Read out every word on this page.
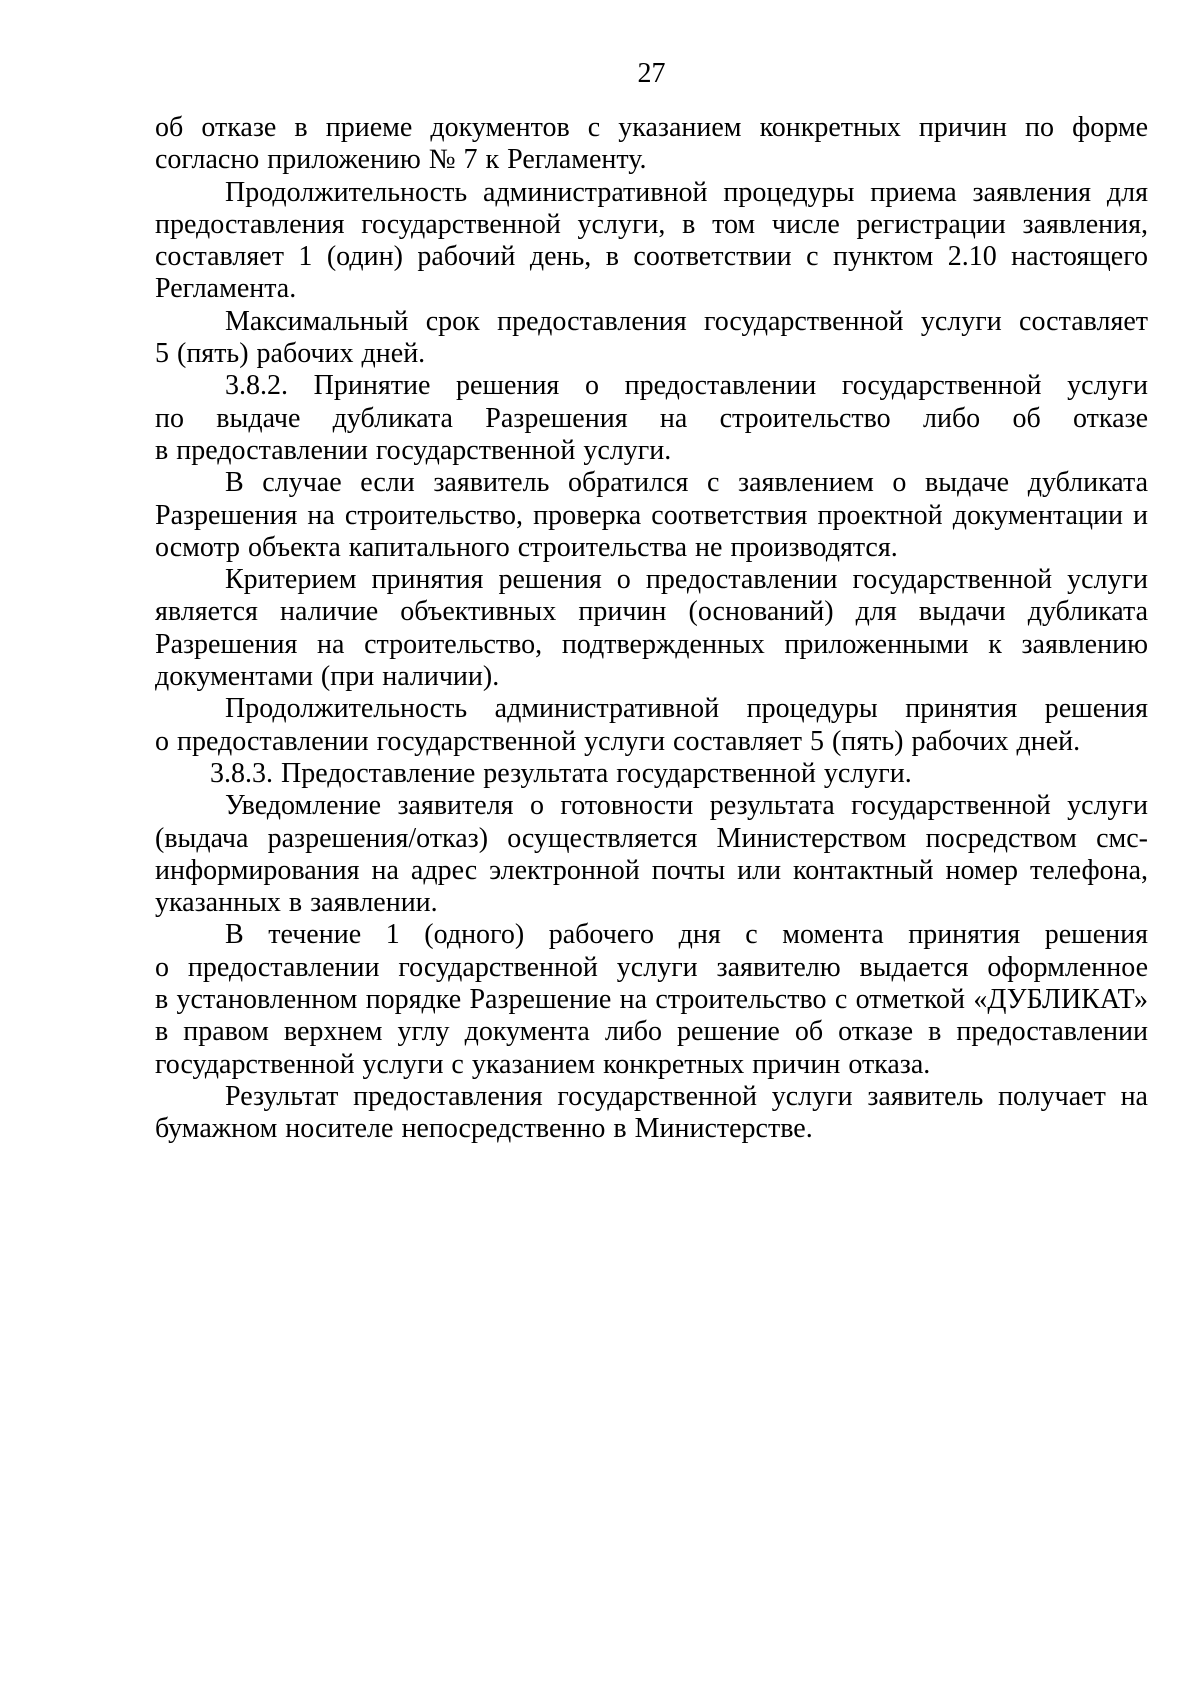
27

об отказе в приеме документов с указанием конкретных причин по форме согласно приложению № 7 к Регламенту.

Продолжительность административной процедуры приема заявления для предоставления государственной услуги, в том числе регистрации заявления, составляет 1 (один) рабочий день, в соответствии с пунктом 2.10 настоящего Регламента.

Максимальный срок предоставления государственной услуги составляет 5 (пять) рабочих дней.

3.8.2. Принятие решения о предоставлении государственной услуги по выдаче дубликата Разрешения на строительство либо об отказе в предоставлении государственной услуги.

В случае если заявитель обратился с заявлением о выдаче дубликата Разрешения на строительство, проверка соответствия проектной документации и осмотр объекта капитального строительства не производятся.

Критерием принятия решения о предоставлении государственной услуги является наличие объективных причин (оснований) для выдачи дубликата Разрешения на строительство, подтвержденных приложенными к заявлению документами (при наличии).

Продолжительность административной процедуры принятия решения о предоставлении государственной услуги составляет 5 (пять) рабочих дней.

3.8.3. Предоставление результата государственной услуги.

Уведомление заявителя о готовности результата государственной услуги (выдача разрешения/отказ) осуществляется Министерством посредством смс-информирования на адрес электронной почты или контактный номер телефона, указанных в заявлении.

В течение 1 (одного) рабочего дня с момента принятия решения о предоставлении государственной услуги заявителю выдается оформленное в установленном порядке Разрешение на строительство с отметкой «ДУБЛИКАТ» в правом верхнем углу документа либо решение об отказе в предоставлении государственной услуги с указанием конкретных причин отказа.

Результат предоставления государственной услуги заявитель получает на бумажном носителе непосредственно в Министерстве.
